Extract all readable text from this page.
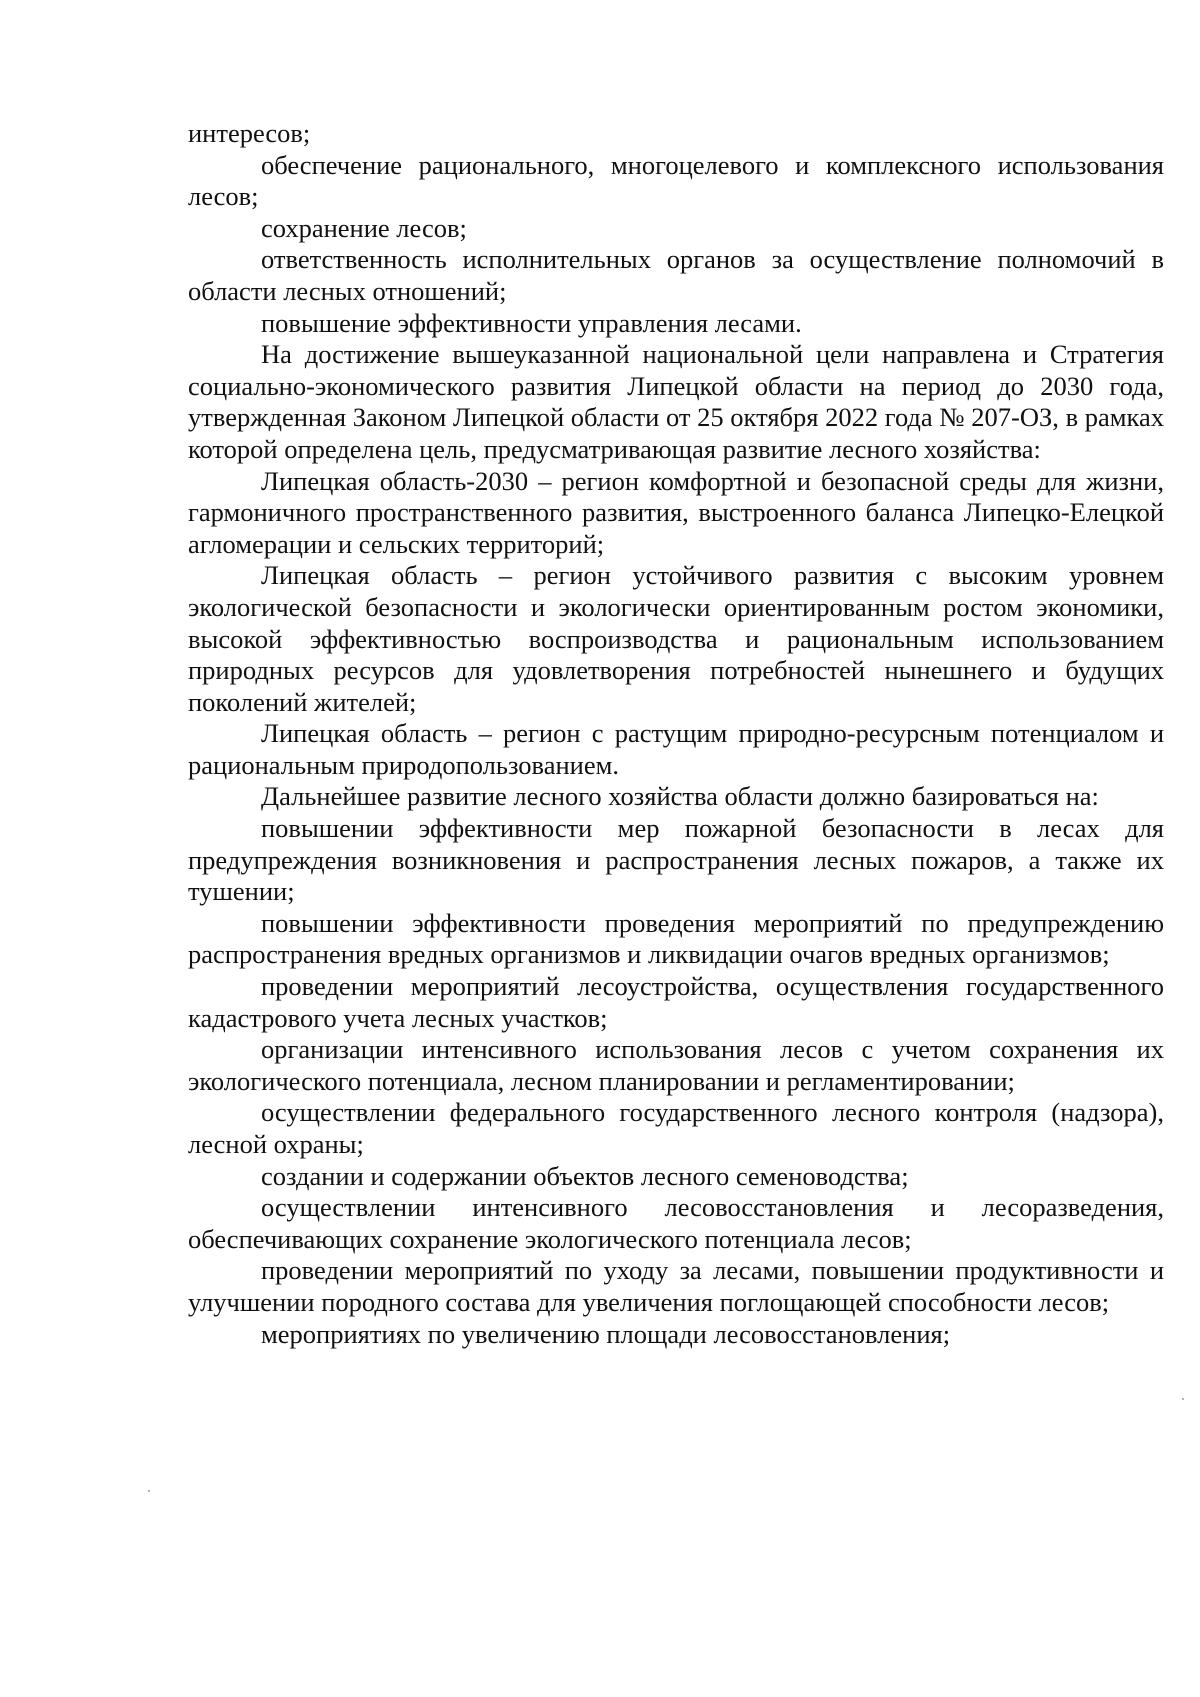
интересов;

обеспечение рационального, многоцелевого и комплексного использования лесов;

сохранение лесов;

ответственность исполнительных органов за осуществление полномочий в области лесных отношений;

повышение эффективности управления лесами.

На достижение вышеуказанной национальной цели направлена и Стратегия социально-экономического развития Липецкой области на период до 2030 года, утвержденная Законом Липецкой области от 25 октября 2022 года № 207-ОЗ, в рамках которой определена цель, предусматривающая развитие лесного хозяйства:

Липецкая область-2030 – регион комфортной и безопасной среды для жизни, гармоничного пространственного развития, выстроенного баланса Липецко-Елецкой агломерации и сельских территорий;

Липецкая область – регион устойчивого развития с высоким уровнем экологической безопасности и экологически ориентированным ростом экономики, высокой эффективностью воспроизводства и рациональным использованием природных ресурсов для удовлетворения потребностей нынешнего и будущих поколений жителей;

Липецкая область – регион с растущим природно-ресурсным потенциалом и рациональным природопользованием.

Дальнейшее развитие лесного хозяйства области должно базироваться на:

повышении эффективности мер пожарной безопасности в лесах для предупреждения возникновения и распространения лесных пожаров, а также их тушении;

повышении эффективности проведения мероприятий по предупреждению распространения вредных организмов и ликвидации очагов вредных организмов;

проведении мероприятий лесоустройства, осуществления государственного кадастрового учета лесных участков;

организации интенсивного использования лесов с учетом сохранения их экологического потенциала, лесном планировании и регламентировании;

осуществлении федерального государственного лесного контроля (надзора), лесной охраны;

создании и содержании объектов лесного семеноводства;

осуществлении интенсивного лесовосстановления и лесоразведения, обеспечивающих сохранение экологического потенциала лесов;

проведении мероприятий по уходу за лесами, повышении продуктивности и улучшении породного состава для увеличения поглощающей способности лесов;

мероприятиях по увеличению площади лесовосстановления;
